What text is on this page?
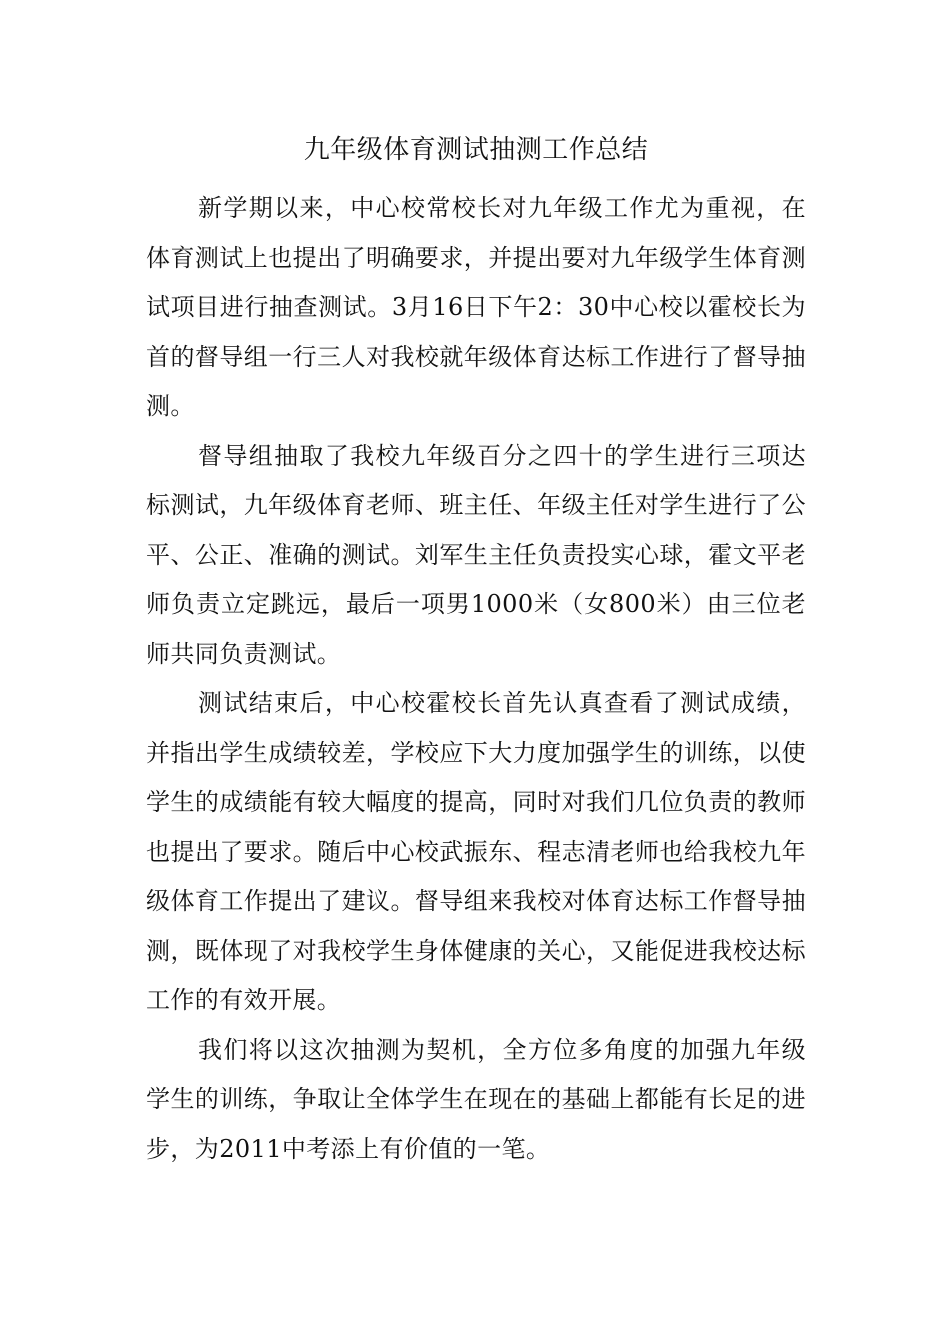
九年级体育测试抽测工作总结

新学期以来，中心校常校长对九年级工作尤为重视，在体育测试上也提出了明确要求，并提出要对九年级学生体育测试项目进行抽查测试。3月16日下午2：30中心校以霍校长为首的督导组一行三人对我校就年级体育达标工作进行了督导抽测。

督导组抽取了我校九年级百分之四十的学生进行三项达标测试，九年级体育老师、班主任、年级主任对学生进行了公平、公正、准确的测试。刘军生主任负责投实心球，霍文平老师负责立定跳远，最后一项男1000米（女800米）由三位老师共同负责测试。

测试结束后，中心校霍校长首先认真查看了测试成绩，并指出学生成绩较差，学校应下大力度加强学生的训练，以使学生的成绩能有较大幅度的提高，同时对我们几位负责的教师也提出了要求。随后中心校武振东、程志清老师也给我校九年级体育工作提出了建议。督导组来我校对体育达标工作督导抽测，既体现了对我校学生身体健康的关心，又能促进我校达标工作的有效开展。

我们将以这次抽测为契机，全方位多角度的加强九年级学生的训练，争取让全体学生在现在的基础上都能有长足的进步，为2011中考添上有价值的一笔。
